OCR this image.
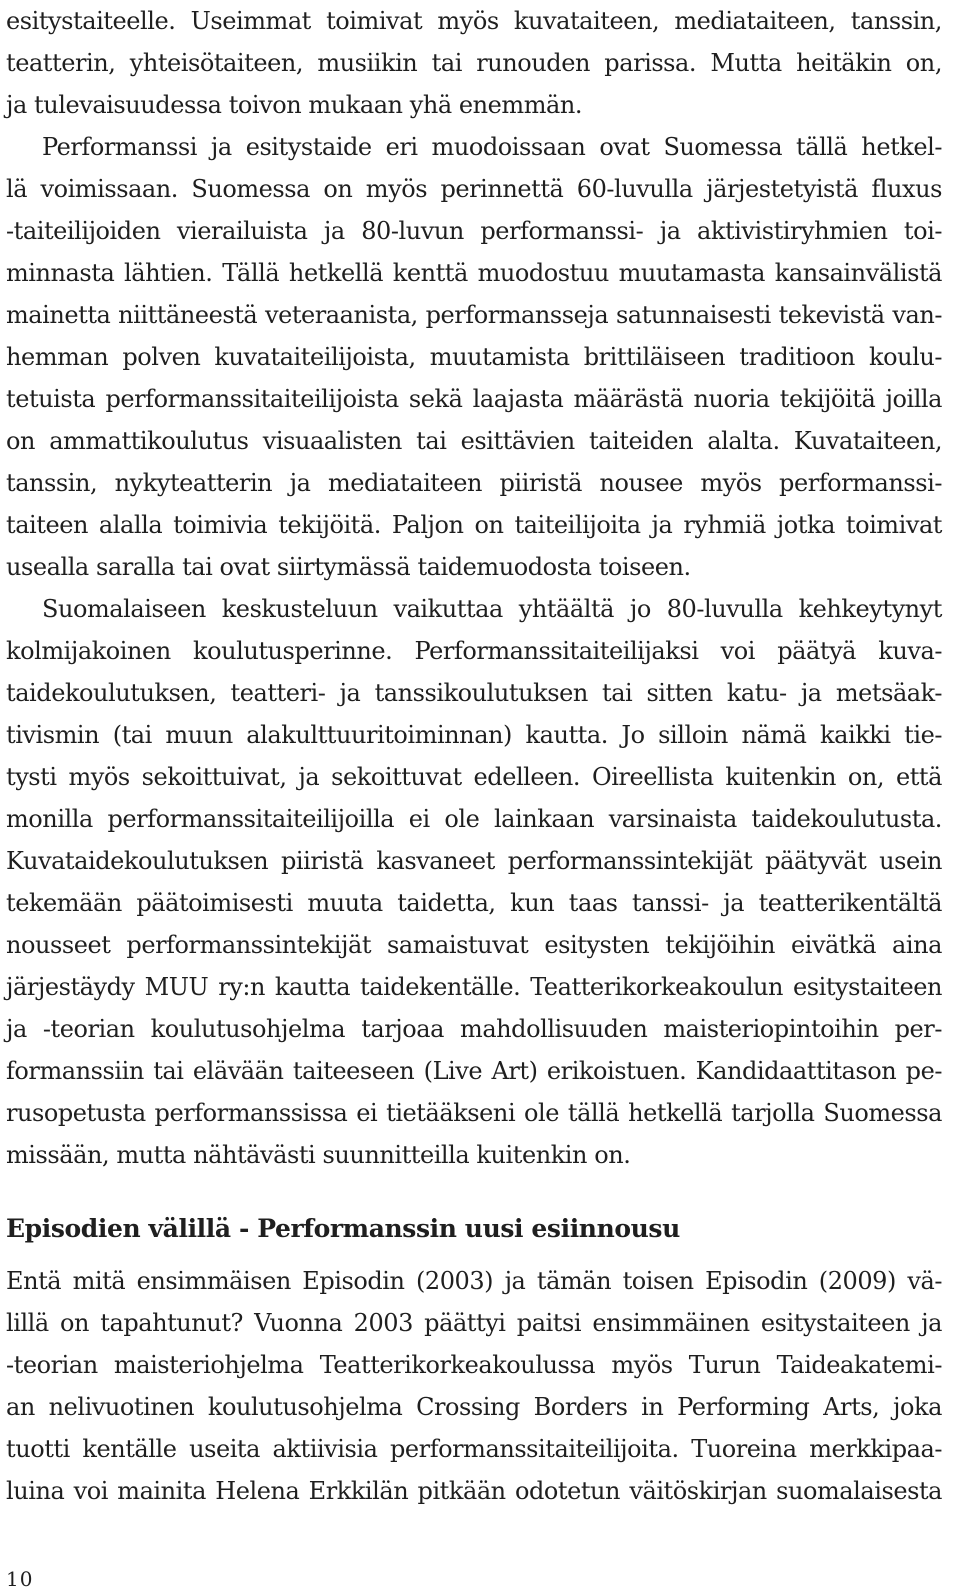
esitystaiteelle. Useimmat toimivat myös kuvataiteen, mediataiteen, tanssin,
teatterin, yhteisötaiteen, musiikin tai runouden parissa. Mutta heitäkin on,
ja tulevaisuudessa toivon mukaan yhä enemmän.
Performanssi ja esitystaide eri muodoissaan ovat Suomessa tällä hetkel-
lä voimissaan. Suomessa on myös perinnettä 60-luvulla järjestetyistä fluxus
-taiteilijoiden vierailuista ja 80-luvun performanssi- ja aktivistiryhmien toi-
minnasta lähtien. Tällä hetkellä kenttä muodostuu muutamasta kansainvälistä
mainetta niittäneestä veteraanista, performansseja satunnaisesti tekevistä van-
hemman polven kuvataiteilijoista, muutamista brittiläiseen traditioon koulu-
tetuista performanssitaiteilijoista sekä laajasta määrästä nuoria tekijöitä joilla
on ammattikoulutus visuaalisten tai esittävien taiteiden alalta. Kuvataiteen,
tanssin, nykyteatterin ja mediataiteen piiristä nousee myös performanssi-
taiteen alalla toimivia tekijöitä. Paljon on taiteilijoita ja ryhmiä jotka toimivat
usealla saralla tai ovat siirtymässä taidemuodosta toiseen.
Suomalaiseen keskusteluun vaikuttaa yhtäältä jo 80-luvulla kehkeytynyt
kolmijakoinen koulutusperinne. Performanssitaiteilijaksi voi päätyä kuva-
taidekoulutuksen, teatteri- ja tanssikoulutuksen tai sitten katu- ja metsäak-
tivismin (tai muun alakulttuuritoiminnan) kautta. Jo silloin nämä kaikki tie-
tysti myös sekoittuivat, ja sekoittuvat edelleen. Oireellista kuitenkin on, että
monilla performanssitaiteilijoilla ei ole lainkaan varsinaista taidekoulutusta.
Kuvataidekoulutuksen piiristä kasvaneet performanssintekijät päätyvät usein
tekemään päätoimisesti muuta taidetta, kun taas tanssi- ja teatterikentältä
nousseet performanssintekijät samaistuvat esitysten tekijöihin eivätkä aina
järjestäydy MUU ry:n kautta taidekentälle. Teatterikorkeakoulun esitystaiteen
ja -teorian koulutusohjelma tarjoaa mahdollisuuden maisteriopintoihin per-
formanssiin tai elävään taiteeseen (Live Art) erikoistuen. Kandidaattitason pe-
rusopetusta performanssissa ei tietääkseni ole tällä hetkellä tarjolla Suomessa
missään, mutta nähtävästi suunnitteilla kuitenkin on.
Episodien välillä - Performanssin uusi esiinnousu
Entä mitä ensimmäisen Episodin (2003) ja tämän toisen Episodin (2009) vä-
lillä on tapahtunut? Vuonna 2003 päättyi paitsi ensimmäinen esitystaiteen ja
-teorian maisteriohjelma Teatterikorkeakoulussa myös Turun Taideakatemi-
an nelivuotinen koulutusohjelma Crossing Borders in Performing Arts, joka
tuotti kentälle useita aktiivisia performanssitaiteilijoita. Tuoreina merkkipaa-
luina voi mainita Helena Erkkilän pitkään odotetun väitöskirjan suomalaisesta
10
